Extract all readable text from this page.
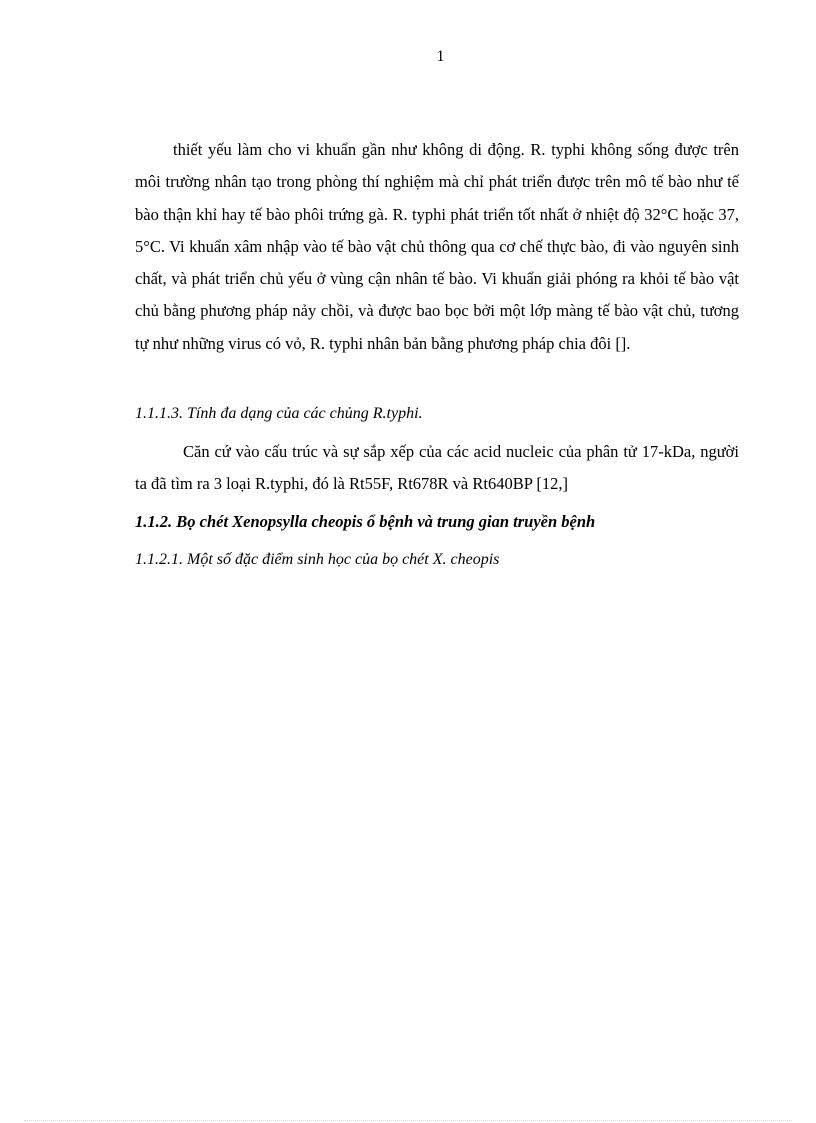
1

thiết yếu làm cho vi khuẩn gần như không di động. R. typhi không sống được trên môi trường nhân tạo trong phòng thí nghiệm mà chỉ phát triển được trên mô tế bào như tế bào thận khỉ hay tế bào phôi trứng gà. R. typhi phát triển tốt nhất ở nhiệt độ 32°C hoặc 37, 5°C. Vi khuẩn xâm nhập vào tế bào vật chủ thông qua cơ chế thực bào, đi vào nguyên sinh chất, và phát triển chủ yếu ở vùng cận nhân tế bào. Vi khuẩn giải phóng ra khỏi tế bào vật chủ bằng phương pháp nảy chồi, và được bao bọc bởi một lớp màng tế bào vật chủ, tương tự như những virus có vỏ, R. typhi nhân bản bằng phương pháp chia đôi [].

1.1.1.3. Tính đa dạng của các chủng R.typhi.

Căn cứ vào cấu trúc và sự sắp xếp của các acid nucleic của phân tử 17-kDa, người ta đã tìm ra 3 loại R.typhi, đó là Rt55F, Rt678R và Rt640BP [12,]

1.1.2. Bọ chét Xenopsylla cheopis ổ bệnh và trung gian truyền bệnh

1.1.2.1. Một số đặc điểm sinh học của bọ chét X. cheopis
